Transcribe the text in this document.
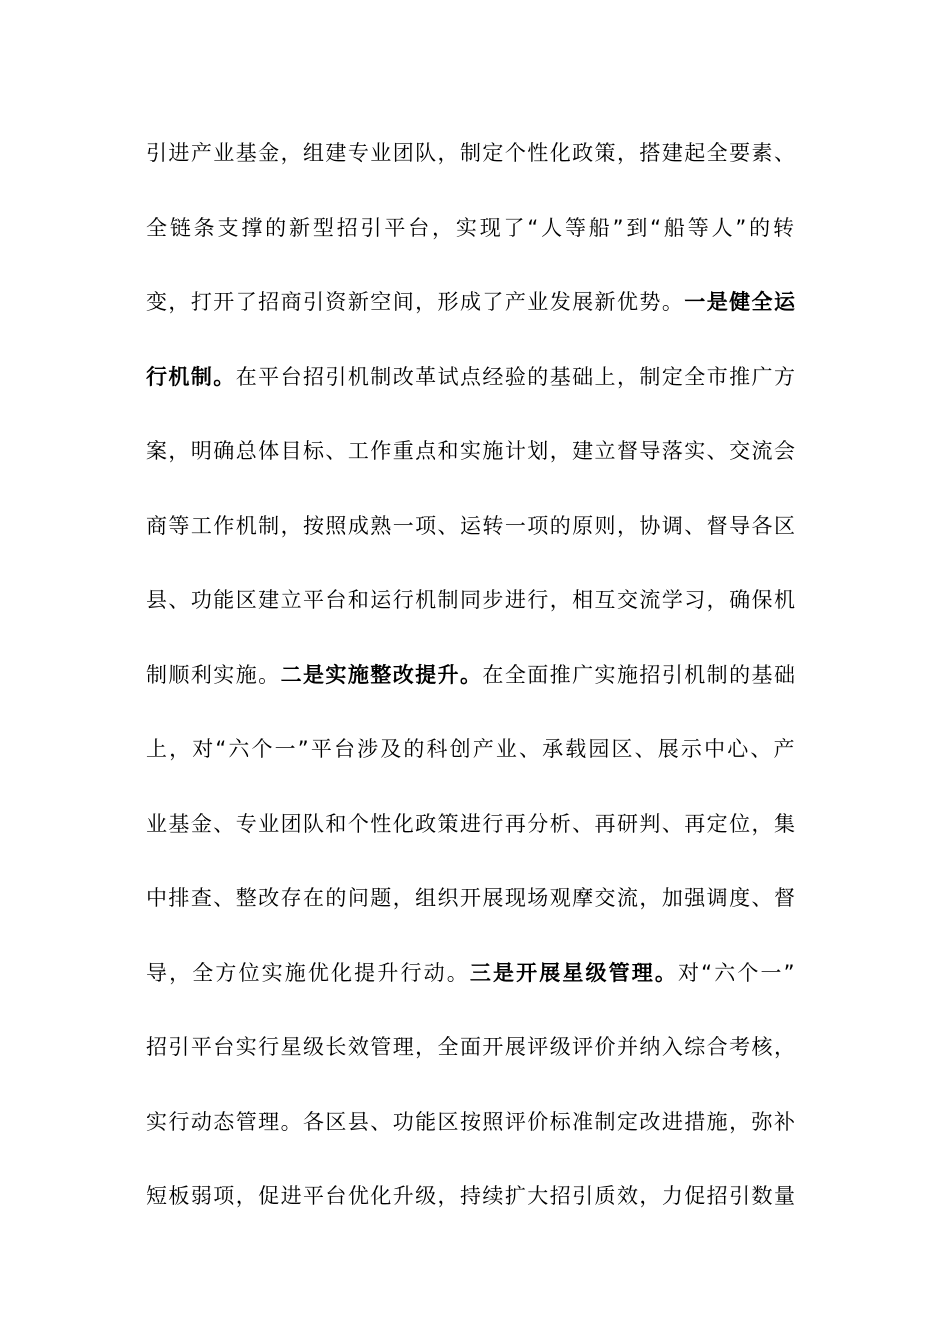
引进产业基金，组建专业团队，制定个性化政策，搭建起全要素、
全链条支撑的新型招引平台，实现了“人等船”到“船等人”的转
变，打开了招商引资新空间，形成了产业发展新优势。一是健全运
行机制。在平台招引机制改革试点经验的基础上，制定全市推广方
案，明确总体目标、工作重点和实施计划，建立督导落实、交流会
商等工作机制，按照成熟一项、运转一项的原则，协调、督导各区
县、功能区建立平台和运行机制同步进行，相互交流学习，确保机
制顺利实施。二是实施整改提升。在全面推广实施招引机制的基础
上，对“六个一”平台涉及的科创产业、承载园区、展示中心、产
业基金、专业团队和个性化政策进行再分析、再研判、再定位，集
中排查、整改存在的问题，组织开展现场观摩交流，加强调度、督
导，全方位实施优化提升行动。三是开展星级管理。对“六个一”
招引平台实行星级长效管理，全面开展评级评价并纳入综合考核，
实行动态管理。各区县、功能区按照评价标准制定改进措施，弥补
短板弱项，促进平台优化升级，持续扩大招引质效，力促招引数量
